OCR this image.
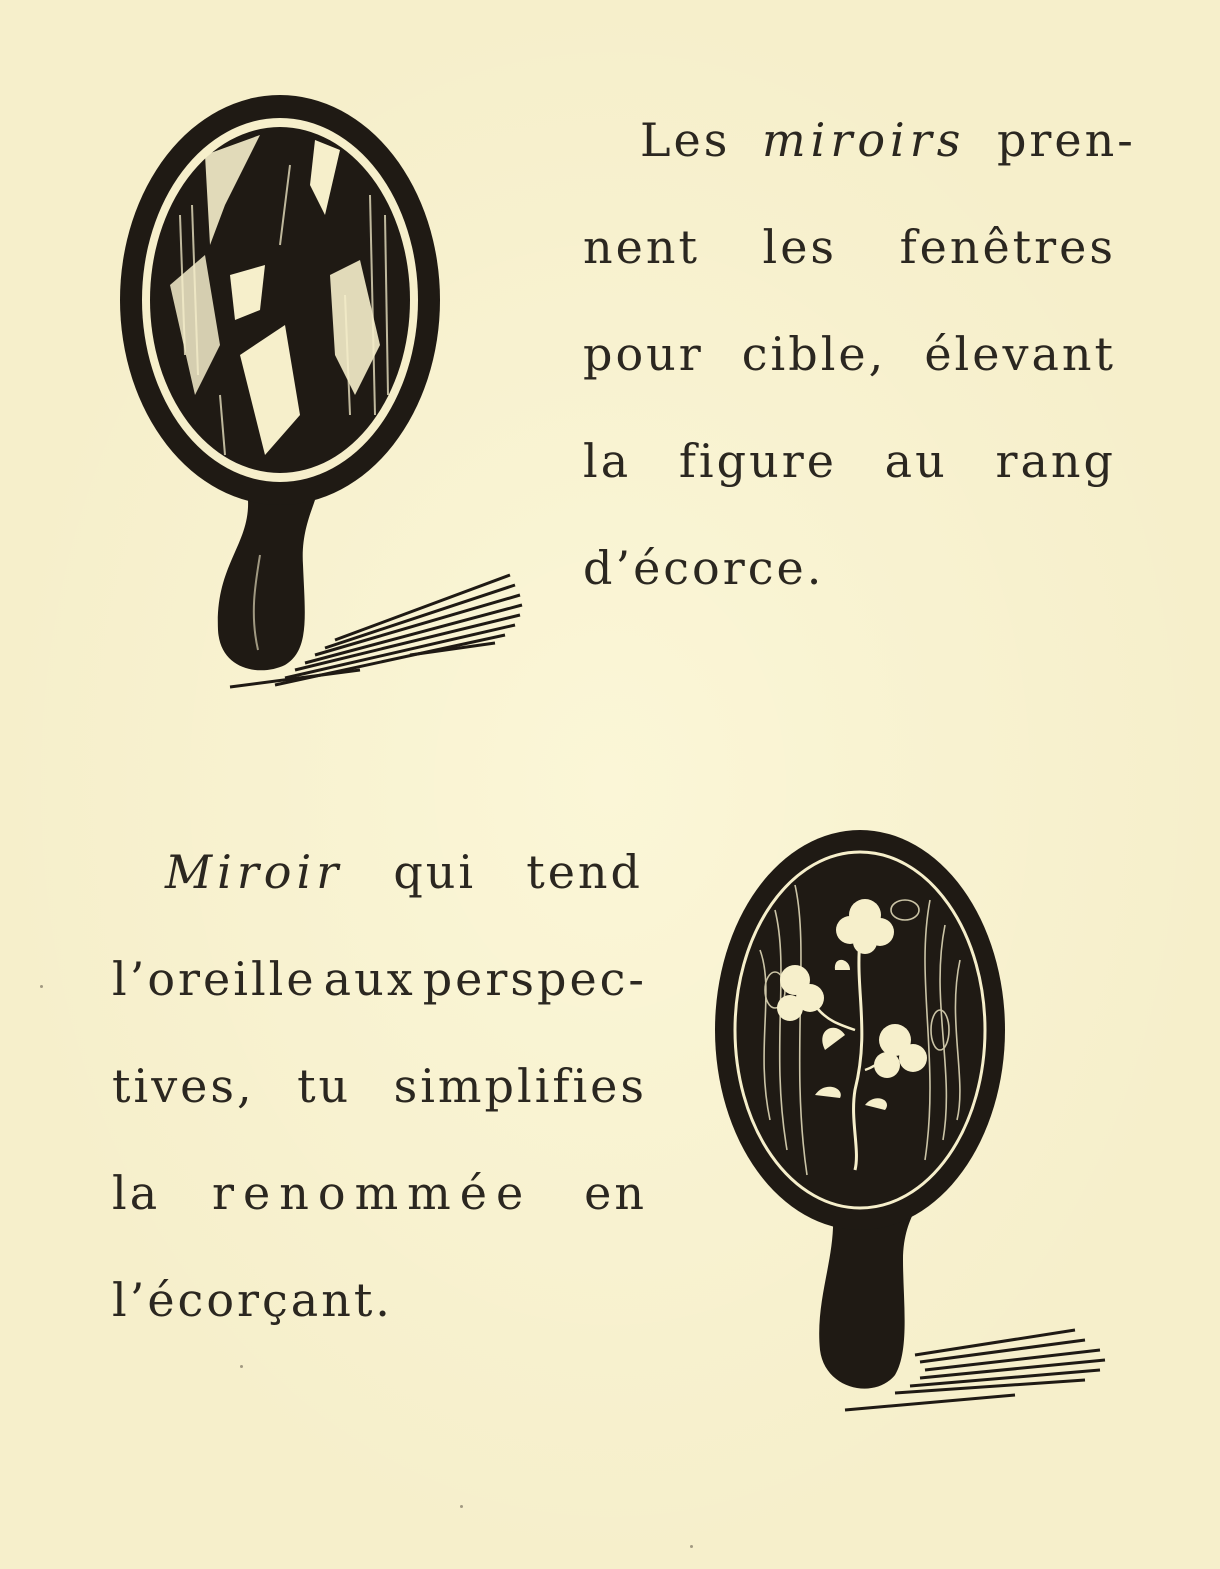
Les miroirs pren-
nent les fenêtres
pour cible, élevant
la figure au rang
d’écorce.
Miroir qui tend
l’oreille aux perspec-
tives, tu simplifies
la renommée en
l’écorçant.
